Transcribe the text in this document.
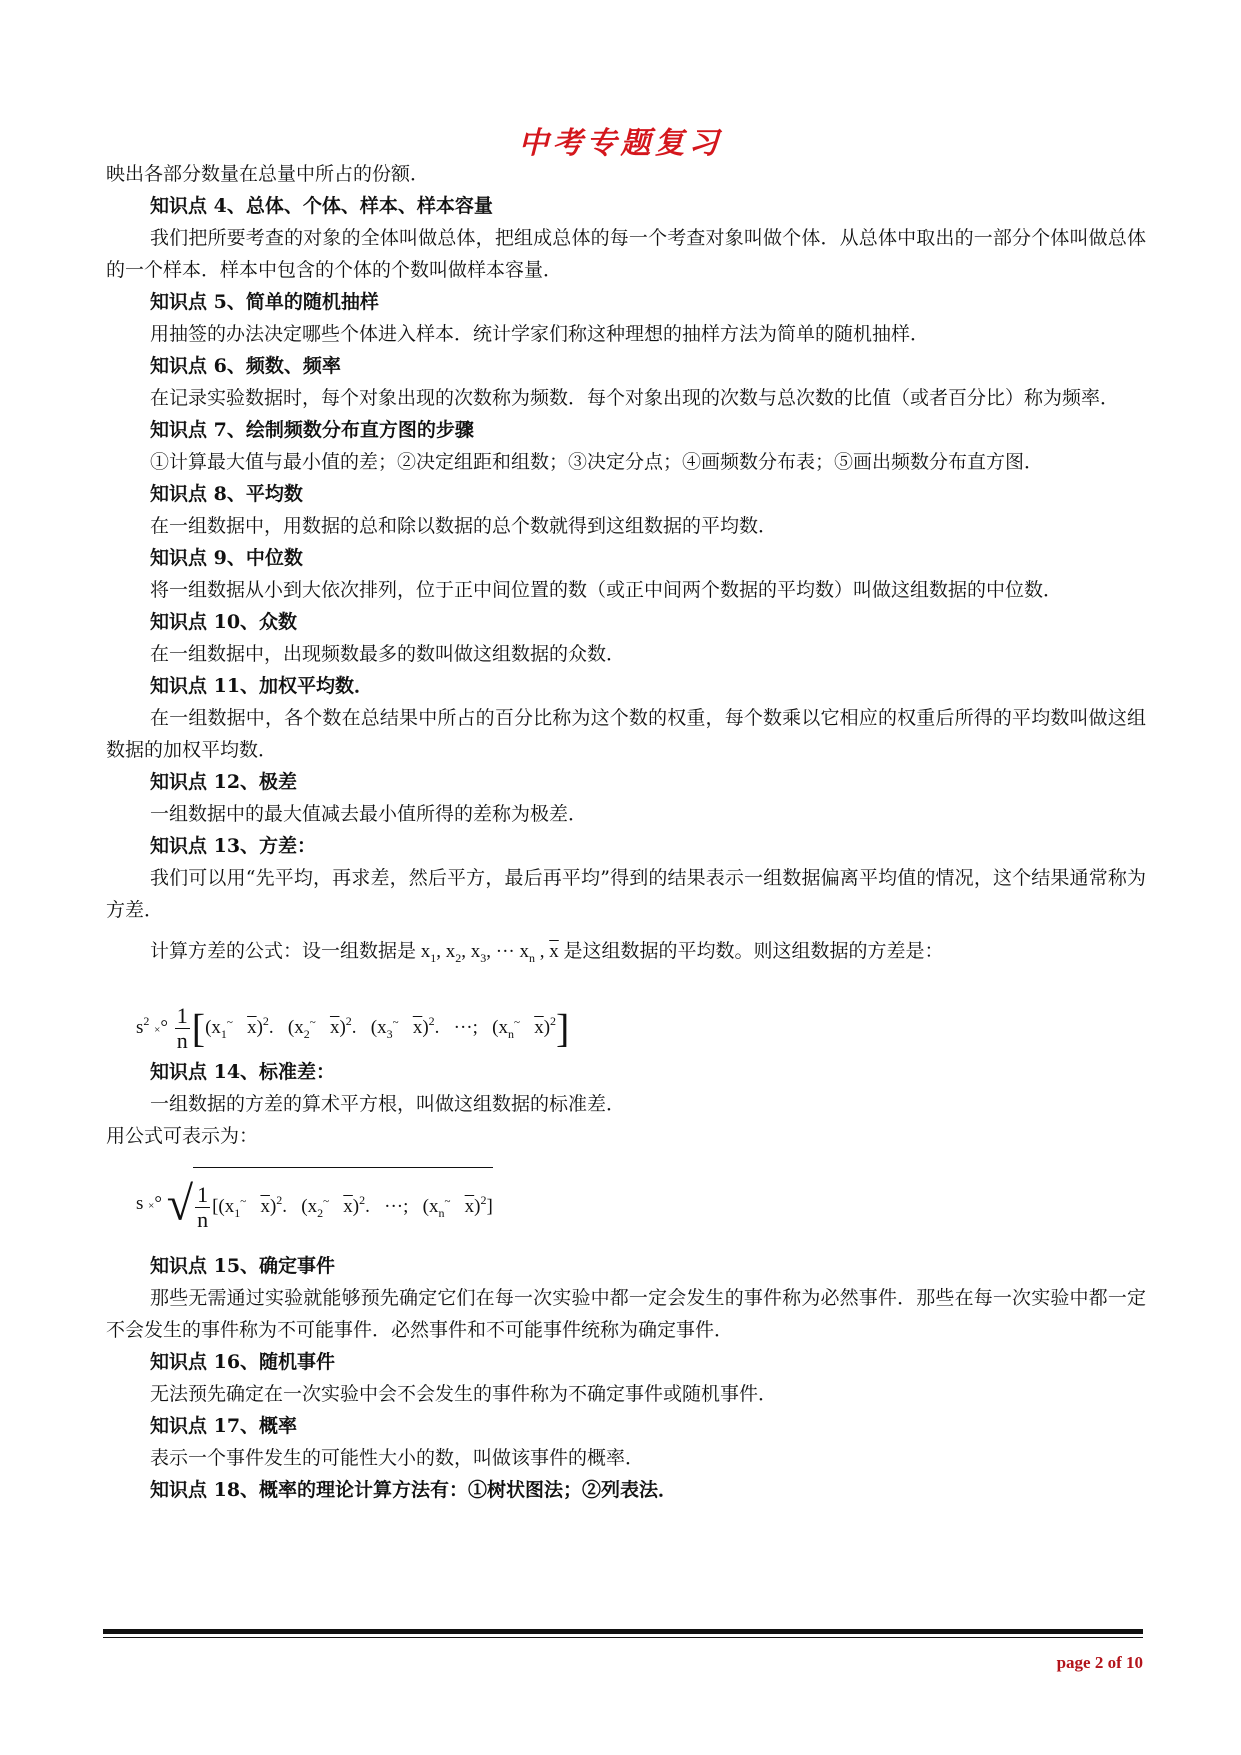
中考专题复习
映出各部分数量在总量中所占的份额．
知识点 4、总体、个体、样本、样本容量
我们把所要考查的对象的全体叫做总体，把组成总体的每一个考查对象叫做个体．从总体中取出的一部分个体叫做总体的一个样本．样本中包含的个体的个数叫做样本容量．
知识点 5、简单的随机抽样
用抽签的办法决定哪些个体进入样本．统计学家们称这种理想的抽样方法为简单的随机抽样．
知识点 6、频数、频率
在记录实验数据时，每个对象出现的次数称为频数．每个对象出现的次数与总次数的比值（或者百分比）称为频率．
知识点 7、绘制频数分布直方图的步骤
①计算最大值与最小值的差；②决定组距和组数；③决定分点；④画频数分布表；⑤画出频数分布直方图．
知识点 8、平均数
在一组数据中，用数据的总和除以数据的总个数就得到这组数据的平均数．
知识点 9、中位数
将一组数据从小到大依次排列，位于正中间位置的数（或正中间两个数据的平均数）叫做这组数据的中位数．
知识点 10、众数
在一组数据中，出现频数最多的数叫做这组数据的众数．
知识点 11、加权平均数．
在一组数据中，各个数在总结果中所占的百分比称为这个数的权重，每个数乘以它相应的权重后所得的平均数叫做这组数据的加权平均数．
知识点 12、极差
一组数据中的最大值减去最小值所得的差称为极差．
知识点 13、方差：
我们可以用“先平均，再求差，然后平方，最后再平均”得到的结果表示一组数据偏离平均值的情况，这个结果通常称为方差．
计算方差的公式：设一组数据是 $x_1$, $x_2$, $x_3$, ··· $x_n$ , $\overline{x}$ 是这组数据的平均数。则这组数据的方差是：
$s^2$ ×° $\frac{1}{n} [(x_1^\sim$ $\overline{x})^2$.   ($x_2^\sim$ $\overline{x})^2$.   ($x_3^\sim$ $\overline{x})^2$.   ···;   ($x_n^\sim$ $\overline{x})^2$]
知识点 14、标准差：
一组数据的方差的算术平方根，叫做这组数据的标准差．
用公式可表示为：
s ×° √ $\frac{1}{n} [(x_1^\sim$ $\overline{x})^2$.   ($x_2^\sim$ $\overline{x})^2$.   ···;   ($x_n^\sim$ $\overline{x})^2$]
知识点 15、确定事件
那些无需通过实验就能够预先确定它们在每一次实验中都一定会发生的事件称为必然事件．那些在每一次实验中都一定不会发生的事件称为不可能事件．必然事件和不可能事件统称为确定事件．
知识点 16、随机事件
无法预先确定在一次实验中会不会发生的事件称为不确定事件或随机事件．
知识点 17、概率
表示一个事件发生的可能性大小的数，叫做该事件的概率．
知识点 18、概率的理论计算方法有：①树状图法；②列表法．
page 2 of 10
